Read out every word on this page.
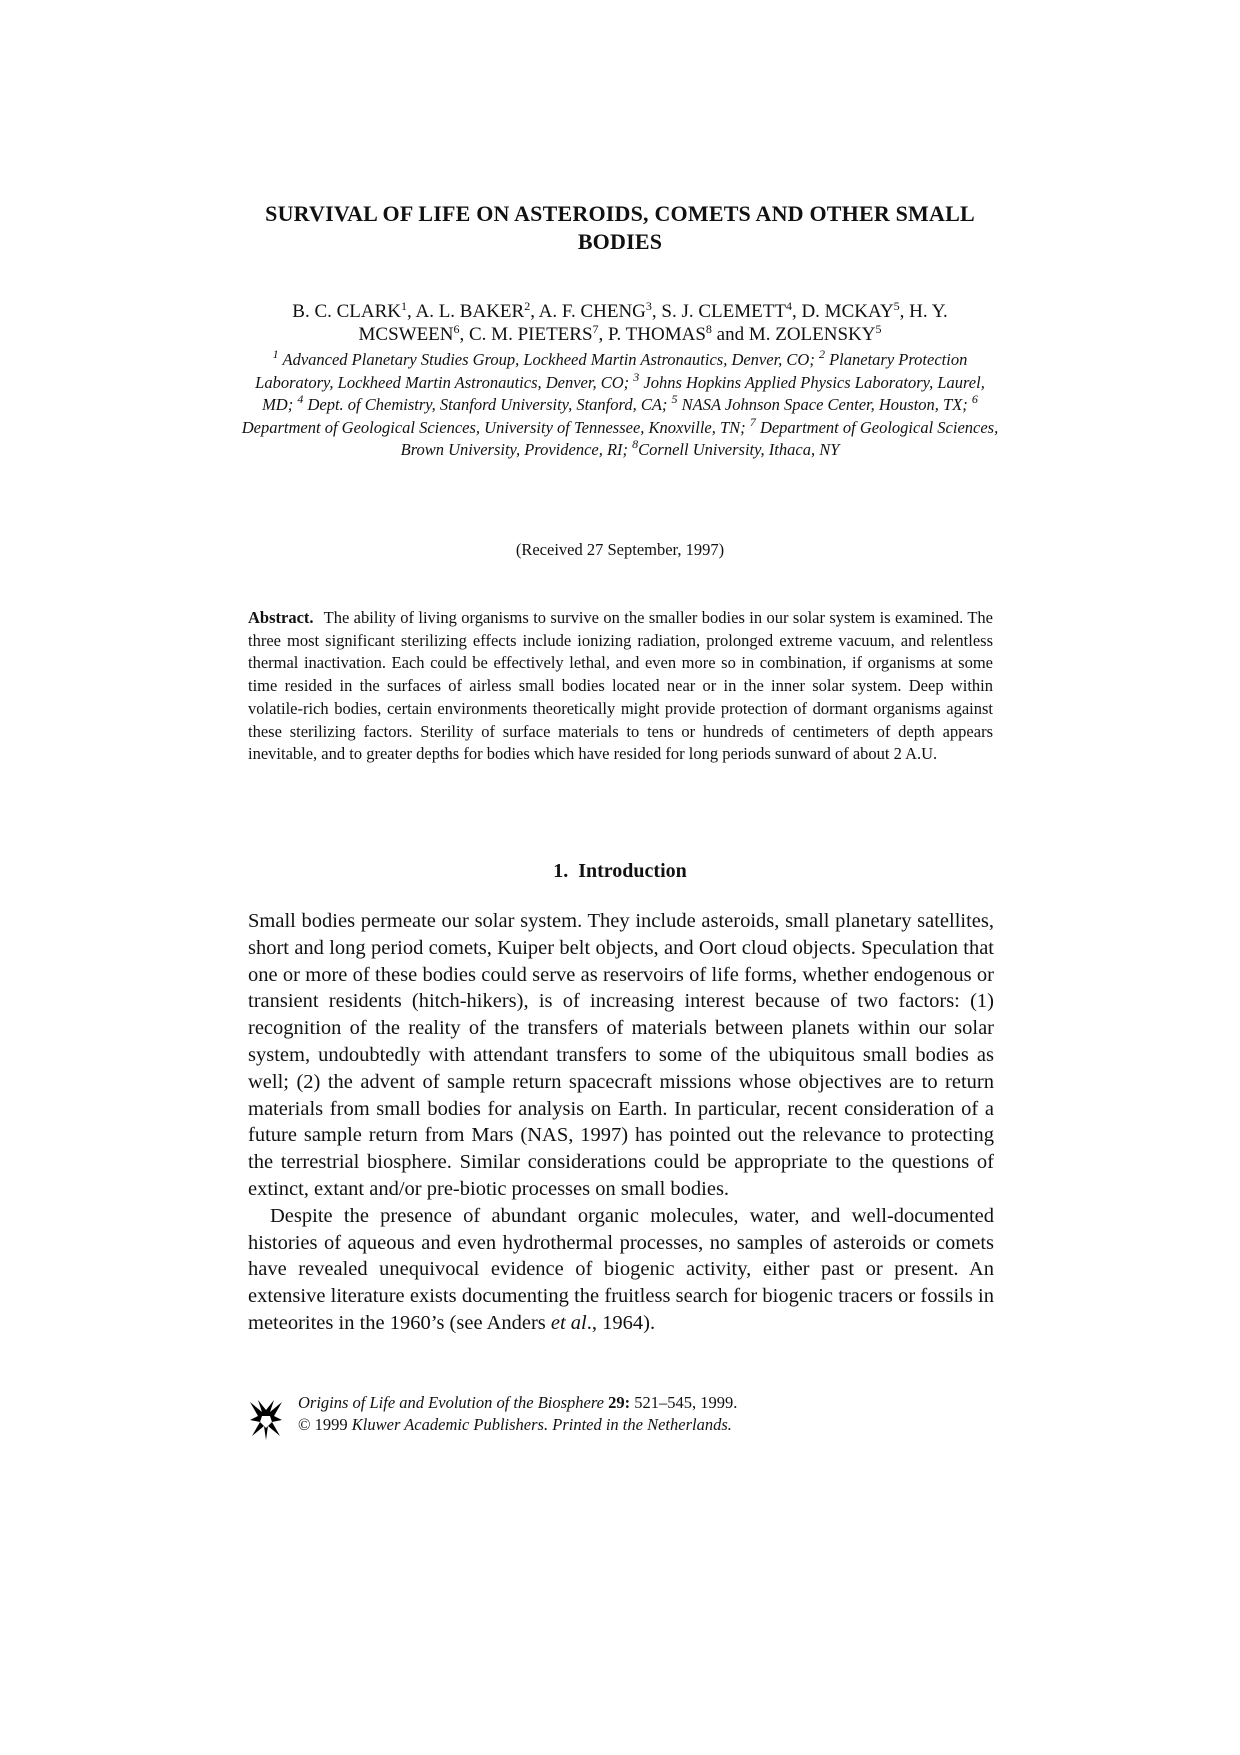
SURVIVAL OF LIFE ON ASTEROIDS, COMETS AND OTHER SMALL BODIES
B. C. CLARK$^1$, A. L. BAKER$^2$, A. F. CHENG$^3$, S. J. CLEMETT$^4$, D. MCKAY$^5$, H. Y. MCSWEEN$^6$, C. M. PIETERS$^7$, P. THOMAS$^8$ and M. ZOLENSKY$^5$
$^1$ Advanced Planetary Studies Group, Lockheed Martin Astronautics, Denver, CO; $^2$ Planetary Protection Laboratory, Lockheed Martin Astronautics, Denver, CO; $^3$ Johns Hopkins Applied Physics Laboratory, Laurel, MD; $^4$ Dept. of Chemistry, Stanford University, Stanford, CA; $^5$ NASA Johnson Space Center, Houston, TX; $^6$ Department of Geological Sciences, University of Tennessee, Knoxville, TN; $^7$ Department of Geological Sciences, Brown University, Providence, RI; $^8$Cornell University, Ithaca, NY
(Received 27 September, 1997)
Abstract. The ability of living organisms to survive on the smaller bodies in our solar system is examined. The three most significant sterilizing effects include ionizing radiation, prolonged extreme vacuum, and relentless thermal inactivation. Each could be effectively lethal, and even more so in combination, if organisms at some time resided in the surfaces of airless small bodies located near or in the inner solar system. Deep within volatile-rich bodies, certain environments theoretically might provide protection of dormant organisms against these sterilizing factors. Sterility of surface materials to tens or hundreds of centimeters of depth appears inevitable, and to greater depths for bodies which have resided for long periods sunward of about 2 A.U.
1. Introduction

Small bodies permeate our solar system. They include asteroids, small planetary satellites, short and long period comets, Kuiper belt objects, and Oort cloud objects. Speculation that one or more of these bodies could serve as reservoirs of life forms, whether endogenous or transient residents (hitch-hikers), is of increasing interest because of two factors: (1) recognition of the reality of the transfers of materials between planets within our solar system, undoubtedly with attendant transfers to some of the ubiquitous small bodies as well; (2) the advent of sample return spacecraft missions whose objectives are to return materials from small bodies for analysis on Earth. In particular, recent consideration of a future sample return from Mars (NAS, 1997) has pointed out the relevance to protecting the terrestrial biosphere. Similar considerations could be appropriate to the questions of extinct, extant and/or pre-biotic processes on small bodies.

Despite the presence of abundant organic molecules, water, and well-documented histories of aqueous and even hydrothermal processes, no samples of asteroids or comets have revealed unequivocal evidence of biogenic activity, either past or present. An extensive literature exists documenting the fruitless search for biogenic tracers or fossils in meteorites in the 1960’s (see Anders et al., 1964).

Origins of Life and Evolution of the Biosphere 29: 521–545, 1999.
© 1999 Kluwer Academic Publishers. Printed in the Netherlands.
